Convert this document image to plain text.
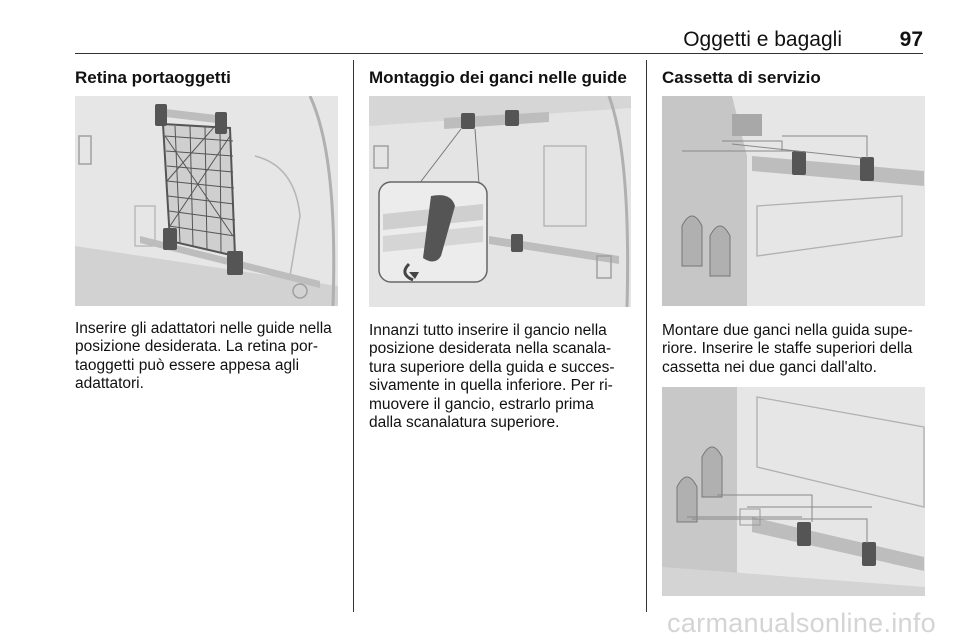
Oggetti e bagagli	97
Retina portaoggetti

Inserire gli adattatori nelle guide nella
posizione desiderata. La retina por-
taoggetti può essere appesa agli
adattatori.

Montaggio dei ganci nelle guide

Innanzi tutto inserire il gancio nella
posizione desiderata nella scanala-
tura superiore della guida e succes-
sivamente in quella inferiore. Per ri-
muovere il gancio, estrarlo prima
dalla scanalatura superiore.

Cassetta di servizio

Montare due ganci nella guida supe-
riore. Inserire le staffe superiori della
cassetta nei due ganci dall'alto.

carmanualsonline.info
